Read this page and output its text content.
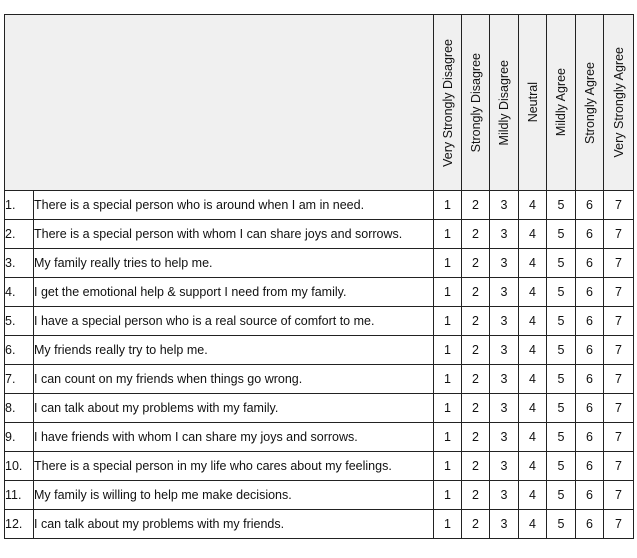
		Very Strongly Disagree	Strongly Disagree	Mildly Disagree	Neutral	Mildly Agree	Strongly Agree	Very Strongly Agree

1.	There is a special person who is around when I am in need.	1	2	3	4	5	6	7
2.	There is a special person with whom I can share joys and sorrows.	1	2	3	4	5	6	7
3.	My family really tries to help me.	1	2	3	4	5	6	7
4.	I get the emotional help & support I need from my family.	1	2	3	4	5	6	7
5.	I have a special person who is a real source of comfort to me.	1	2	3	4	5	6	7
6.	My friends really try to help me.	1	2	3	4	5	6	7
7.	I can count on my friends when things go wrong.	1	2	3	4	5	6	7
8.	I can talk about my problems with my family.	1	2	3	4	5	6	7
9.	I have friends with whom I can share my joys and sorrows.	1	2	3	4	5	6	7
10.	There is a special person in my life who cares about my feelings.	1	2	3	4	5	6	7
11.	My family is willing to help me make decisions.	1	2	3	4	5	6	7
12.	I can talk about my problems with my friends.	1	2	3	4	5	6	7
